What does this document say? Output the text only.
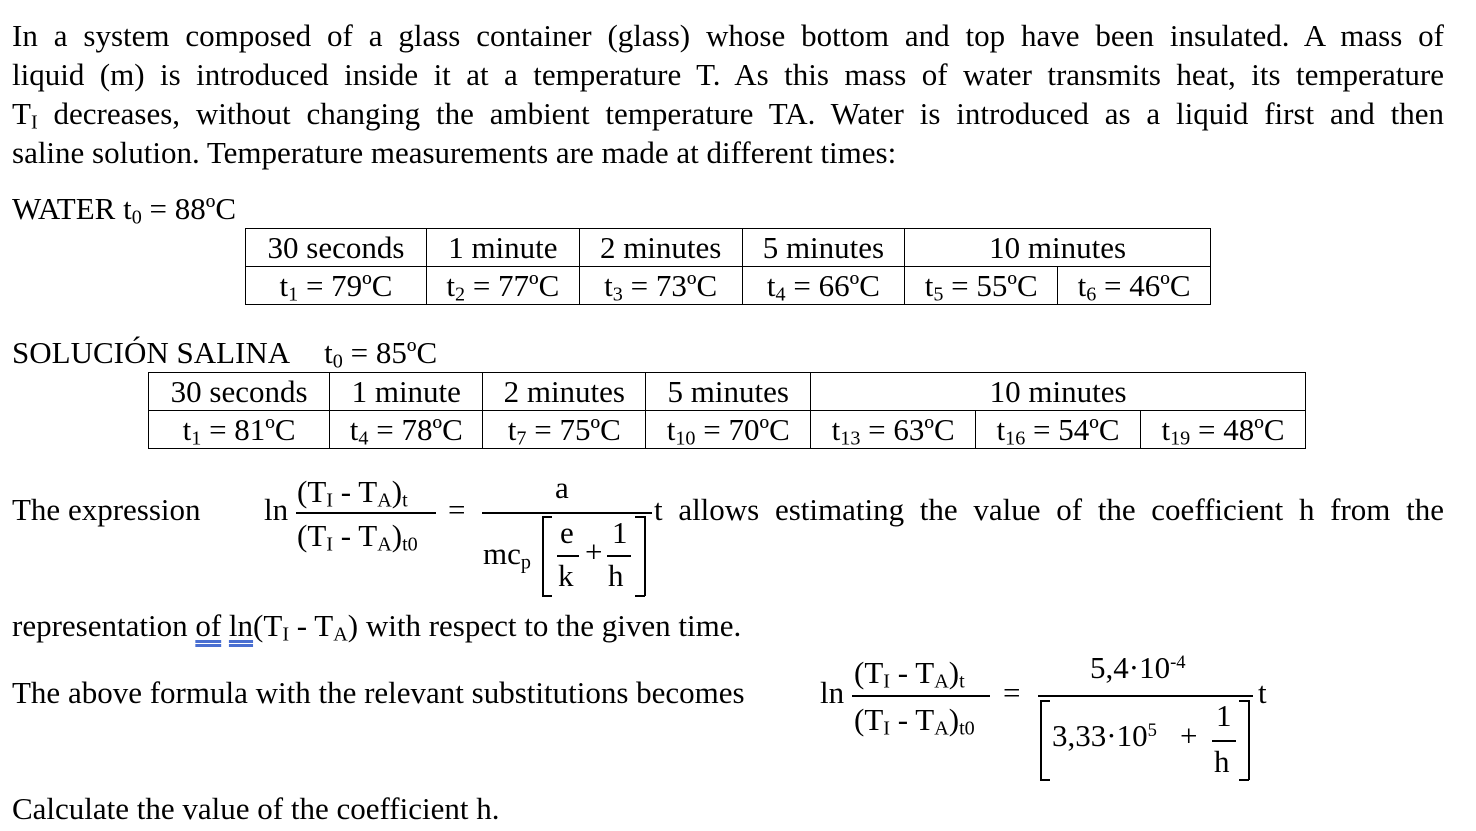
In a system composed of a glass container (glass) whose bottom and top have been insulated. A mass of
liquid (m) is introduced inside it at a temperature T. As this mass of water transmits heat, its temperature
$T_I$ decreases, without changing the ambient temperature TA. Water is introduced as a liquid first and then
saline solution. Temperature measurements are made at different times:
WATER $t_0$ = 88ºC
30 seconds	1 minute	2 minutes	5 minutes	10 minutes	
$t_1$ = 79ºC	$t_2$ = 77ºC	$t_3$ = 73ºC	$t_4$ = 66ºC	$t_5$ = 55ºC	$t_6$ = 46ºC
SOLUCIÓN SALINA $t_0$ = 85ºC
30 seconds	1 minute	2 minutes	5 minutes	10 minutes		
$t_1$ = 81ºC	$t_4$ = 78ºC	$t_7$ = 75ºC	$t_{10}$ = 70ºC	$t_{13}$ = 63ºC	$t_{16}$ = 54ºC	$t_{19}$ = 48ºC
The expression ln
$(T_I - T_A)_t$
$(T_I - T_A)_{t0}$
=
a
$mc_p$
e
k
+
1
h
t allows estimating the value of the coefficient h from the
representation of $\ln(T_I - T_A)$ with respect to the given time.
The above formula with the relevant substitutions becomes ln
$(T_I - T_A)_t$
$(T_I - T_A)_{t0}$
=
$5,4\cdot 10^{-4}$
$3,33\cdot 10^5$ +
1
h
t
Calculate the value of the coefficient h.
